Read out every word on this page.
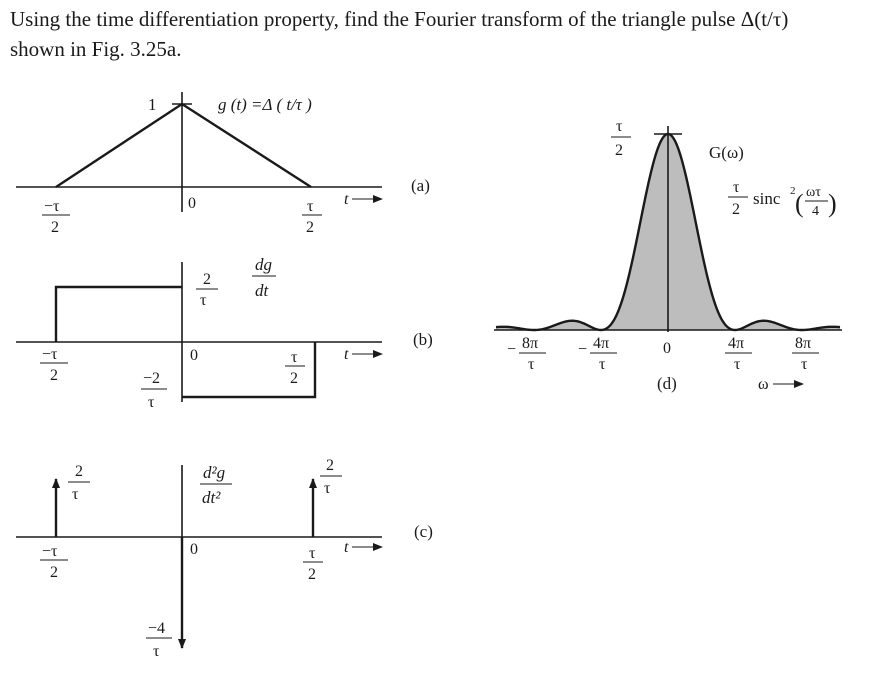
Using the time differentiation property, find the Fourier transform of the triangle pulse Δ(t/τ)
shown in Fig. 3.25a.
1	g (t) =Δ ( t/τ )
0	t
−τ
2
τ
2
(a)
2
τ
dg
dt
−2
τ
0	t
−τ
2
τ
2
(b)
2
τ
2
τ
d²g
dt²
−4
τ
0	t
−τ
2
τ
2
(c)
τ
2	G(ω)
τ
2
sinc 2 ( ωτ
4 )
− 8π
τ
− 4π
τ
0	4π
τ
8π
τ
(d)	ω
